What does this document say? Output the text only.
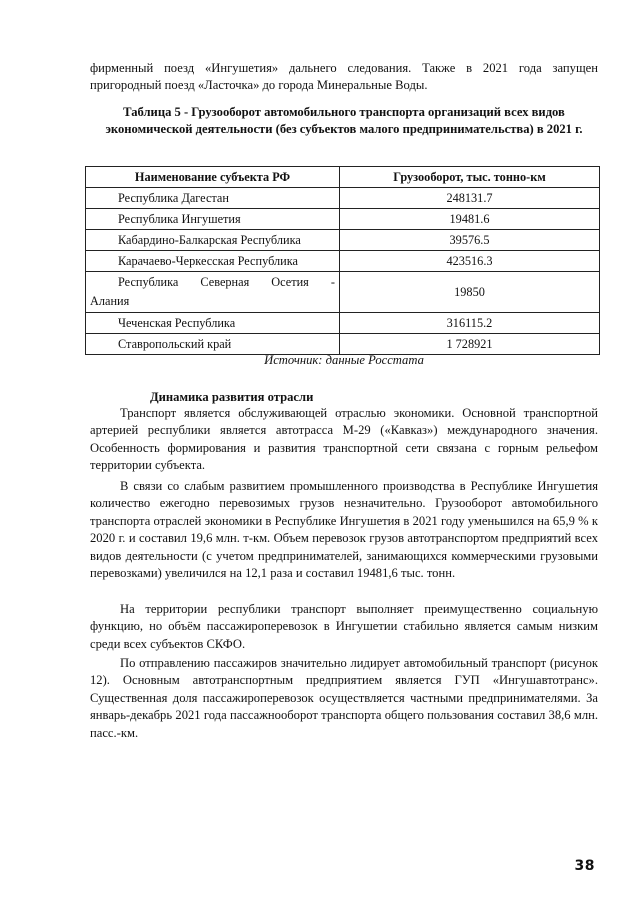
фирменный поезд «Ингушетия» дальнего следования. Также в 2021 года запущен пригородный поезд «Ласточка» до города Минеральные Воды.

Таблица 5 - Грузооборот автомобильного транспорта организаций всех видов экономической деятельности (без субъектов малого предпринимательства) в 2021 г.

Наименование субъекта РФ	Грузооборот, тыс. тонно-км
Республика Дагестан	248131.7
Республика Ингушетия	19481.6
Кабардино-Балкарская Республика	39576.5
Карачаево-Черкесская Республика	423516.3

Республика Северная Осетия -
Алания	19850
Чеченская Республика	316115.2
Ставропольский край	1 728921
Источник: данные Росстата
Динамика развития отрасли

Транспорт является обслуживающей отраслью экономики. Основной транспортной артерией республики является автотрасса М-29 («Кавказ») международного значения. Особенность формирования и развития транспортной сети связана с горным рельефом территории субъекта.

В связи со слабым развитием промышленного производства в Республике Ингушетия количество ежегодно перевозимых грузов незначительно. Грузооборот автомобильного транспорта отраслей экономики в Республике Ингушетия в 2021 году уменьшился на 65,9 % к 2020 г. и составил 19,6 млн. т-км. Объем перевозок грузов автотранспортом предприятий всех видов деятельности (с учетом предпринимателей, занимающихся коммерческими грузовыми перевозками) увеличился на 12,1 раза и составил 19481,6 тыс. тонн.

На территории республики транспорт выполняет преимущественно социальную функцию, но объём пассажироперевозок в Ингушетии стабильно является самым низким среди всех субъектов СКФО.

По отправлению пассажиров значительно лидирует автомобильный транспорт (рисунок 12). Основным автотранспортным предприятием является ГУП «Ингушавтотранс». Существенная доля пассажироперевозок осуществляется частными предпринимателями. За январь-декабрь 2021 года пассажнооборот транспорта общего пользования составил 38,6 млн. пасс.-км.

38
